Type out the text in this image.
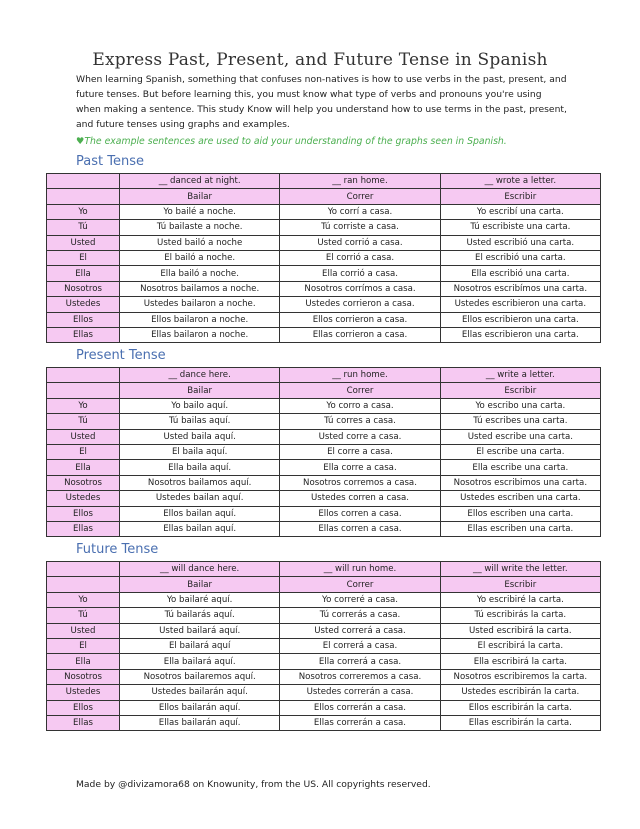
Express Past, Present, and Future Tense in Spanish
When learning Spanish, something that confuses non-natives is how to use verbs in the past, present, and future tenses. But before learning this, you must know what type of verbs and pronouns you're using when making a sentence. This study Know will help you understand how to use terms in the past, present, and future tenses using graphs and examples.
♥The example sentences are used to aid your understanding of the graphs seen in Spanish.
Past Tense
	__ danced at night.	__ ran home.	__ wrote a letter.
	Bailar	Correr	Escribir
Yo	Yo bailé a noche.	Yo corrí a casa.	Yo escribí una carta.
Tú	Tú bailaste a noche.	Tú corriste a casa.	Tú escribiste una carta.
Usted	Usted bailó a noche	Usted corrió a casa.	Usted escribió una carta.
El	El bailó a noche.	El corrió a casa.	El escribió una carta.
Ella	Ella bailó a noche.	Ella corrió a casa.	Ella escribió una carta.
Nosotros	Nosotros bailamos a noche.	Nosotros corrímos a casa.	Nosotros escribímos una carta.
Ustedes	Ustedes bailaron a noche.	Ustedes corrieron a casa.	Ustedes escribieron una carta.
Ellos	Ellos bailaron a noche.	Ellos corrieron a casa.	Ellos escribieron una carta.
Ellas	Ellas bailaron a noche.	Ellas corrieron a casa.	Ellas escribieron una carta.
Present Tense
	__ dance here.	__ run home.	__ write a letter.
	Bailar	Correr	Escribir
Yo	Yo bailo aquí.	Yo corro a casa.	Yo escribo una carta.
Tú	Tú bailas aquí.	Tú corres a casa.	Tú escribes una carta.
Usted	Usted baila aquí.	Usted corre a casa.	Usted escribe una carta.
El	El baila aquí.	El corre a casa.	El escribe una carta.
Ella	Ella baila aquí.	Ella corre a casa.	Ella escribe una carta.
Nosotros	Nosotros bailamos aquí.	Nosotros corremos a casa.	Nosotros escribimos una carta.
Ustedes	Ustedes bailan aquí.	Ustedes corren a casa.	Ustedes escriben una carta.
Ellos	Ellos bailan aquí.	Ellos corren a casa.	Ellos escriben una carta.
Ellas	Ellas bailan aquí.	Ellas corren a casa.	Ellas escriben una carta.
Future Tense
	__ will dance here.	__ will run home.	__ will write the letter.
	Bailar	Correr	Escribir
Yo	Yo bailaré aquí.	Yo correré a casa.	Yo escribiré la carta.
Tú	Tú bailarás aquí.	Tú correrás a casa.	Tú escribirás la carta.
Usted	Usted bailará aquí.	Usted correrá a casa.	Usted escribirá la carta.
El	El bailará aquí	El correrá a casa.	El escribirá la carta.
Ella	Ella bailará aquí.	Ella correrá a casa.	Ella escribirá la carta.
Nosotros	Nosotros bailaremos aquí.	Nosotros correremos a casa.	Nosotros escribiremos la carta.
Ustedes	Ustedes bailarán aquí.	Ustedes correrán a casa.	Ustedes escribirán la carta.
Ellos	Ellos bailarán aquí.	Ellos correrán a casa.	Ellos escribirán la carta.
Ellas	Ellas bailarán aquí.	Ellas correrán a casa.	Ellas escribirán la carta.
Made by @divizamora68 on Knowunity, from the US. All copyrights reserved.
